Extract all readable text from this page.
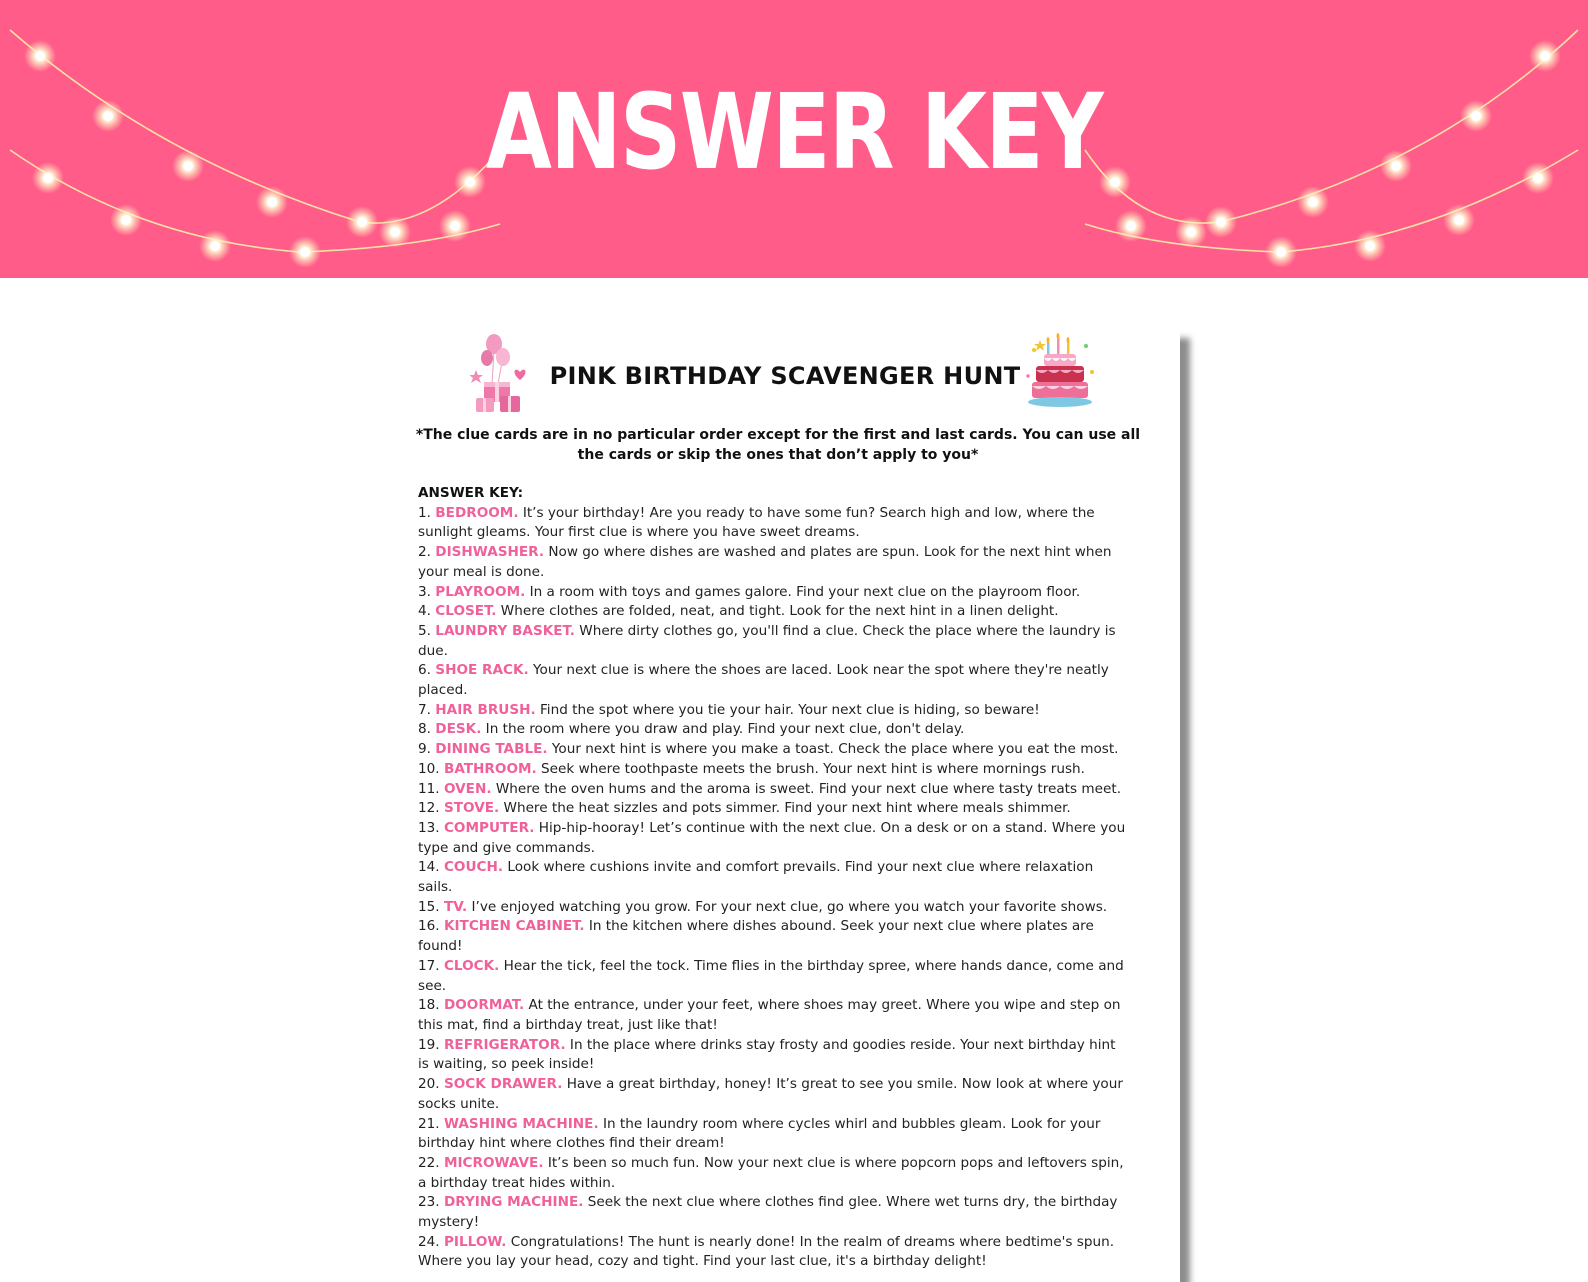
ANSWER KEY
PINK BIRTHDAY SCAVENGER HUNT
*The clue cards are in no particular order except for the first and last cards. You can use all the cards or skip the ones that don’t apply to you*
ANSWER KEY:
1. BEDROOM. It’s your birthday! Are you ready to have some fun? Search high and low, where the sunlight gleams. Your first clue is where you have sweet dreams.
2. DISHWASHER. Now go where dishes are washed and plates are spun. Look for the next hint when your meal is done.
3. PLAYROOM. In a room with toys and games galore. Find your next clue on the playroom floor.
4. CLOSET. Where clothes are folded, neat, and tight. Look for the next hint in a linen delight.
5. LAUNDRY BASKET. Where dirty clothes go, you'll find a clue. Check the place where the laundry is due.
6. SHOE RACK. Your next clue is where the shoes are laced. Look near the spot where they're neatly placed.
7. HAIR BRUSH. Find the spot where you tie your hair. Your next clue is hiding, so beware!
8. DESK. In the room where you draw and play. Find your next clue, don't delay.
9. DINING TABLE. Your next hint is where you make a toast. Check the place where you eat the most.
10. BATHROOM. Seek where toothpaste meets the brush. Your next hint is where mornings rush.
11. OVEN. Where the oven hums and the aroma is sweet. Find your next clue where tasty treats meet.
12. STOVE. Where the heat sizzles and pots simmer. Find your next hint where meals shimmer.
13. COMPUTER. Hip-hip-hooray! Let’s continue with the next clue. On a desk or on a stand. Where you type and give commands.
14. COUCH. Look where cushions invite and comfort prevails. Find your next clue where relaxation sails.
15. TV. I’ve enjoyed watching you grow. For your next clue, go where you watch your favorite shows.
16. KITCHEN CABINET. In the kitchen where dishes abound. Seek your next clue where plates are found!
17. CLOCK. Hear the tick, feel the tock. Time flies in the birthday spree, where hands dance, come and see.
18. DOORMAT. At the entrance, under your feet, where shoes may greet. Where you wipe and step on this mat, find a birthday treat, just like that!
19. REFRIGERATOR. In the place where drinks stay frosty and goodies reside. Your next birthday hint is waiting, so peek inside!
20. SOCK DRAWER. Have a great birthday, honey! It’s great to see you smile. Now look at where your socks unite.
21. WASHING MACHINE. In the laundry room where cycles whirl and bubbles gleam. Look for your birthday hint where clothes find their dream!
22. MICROWAVE. It’s been so much fun. Now your next clue is where popcorn pops and leftovers spin, a birthday treat hides within.
23. DRYING MACHINE. Seek the next clue where clothes find glee. Where wet turns dry, the birthday mystery!
24. PILLOW. Congratulations! The hunt is nearly done! In the realm of dreams where bedtime's spun. Where you lay your head, cozy and tight. Find your last clue, it's a birthday delight!
